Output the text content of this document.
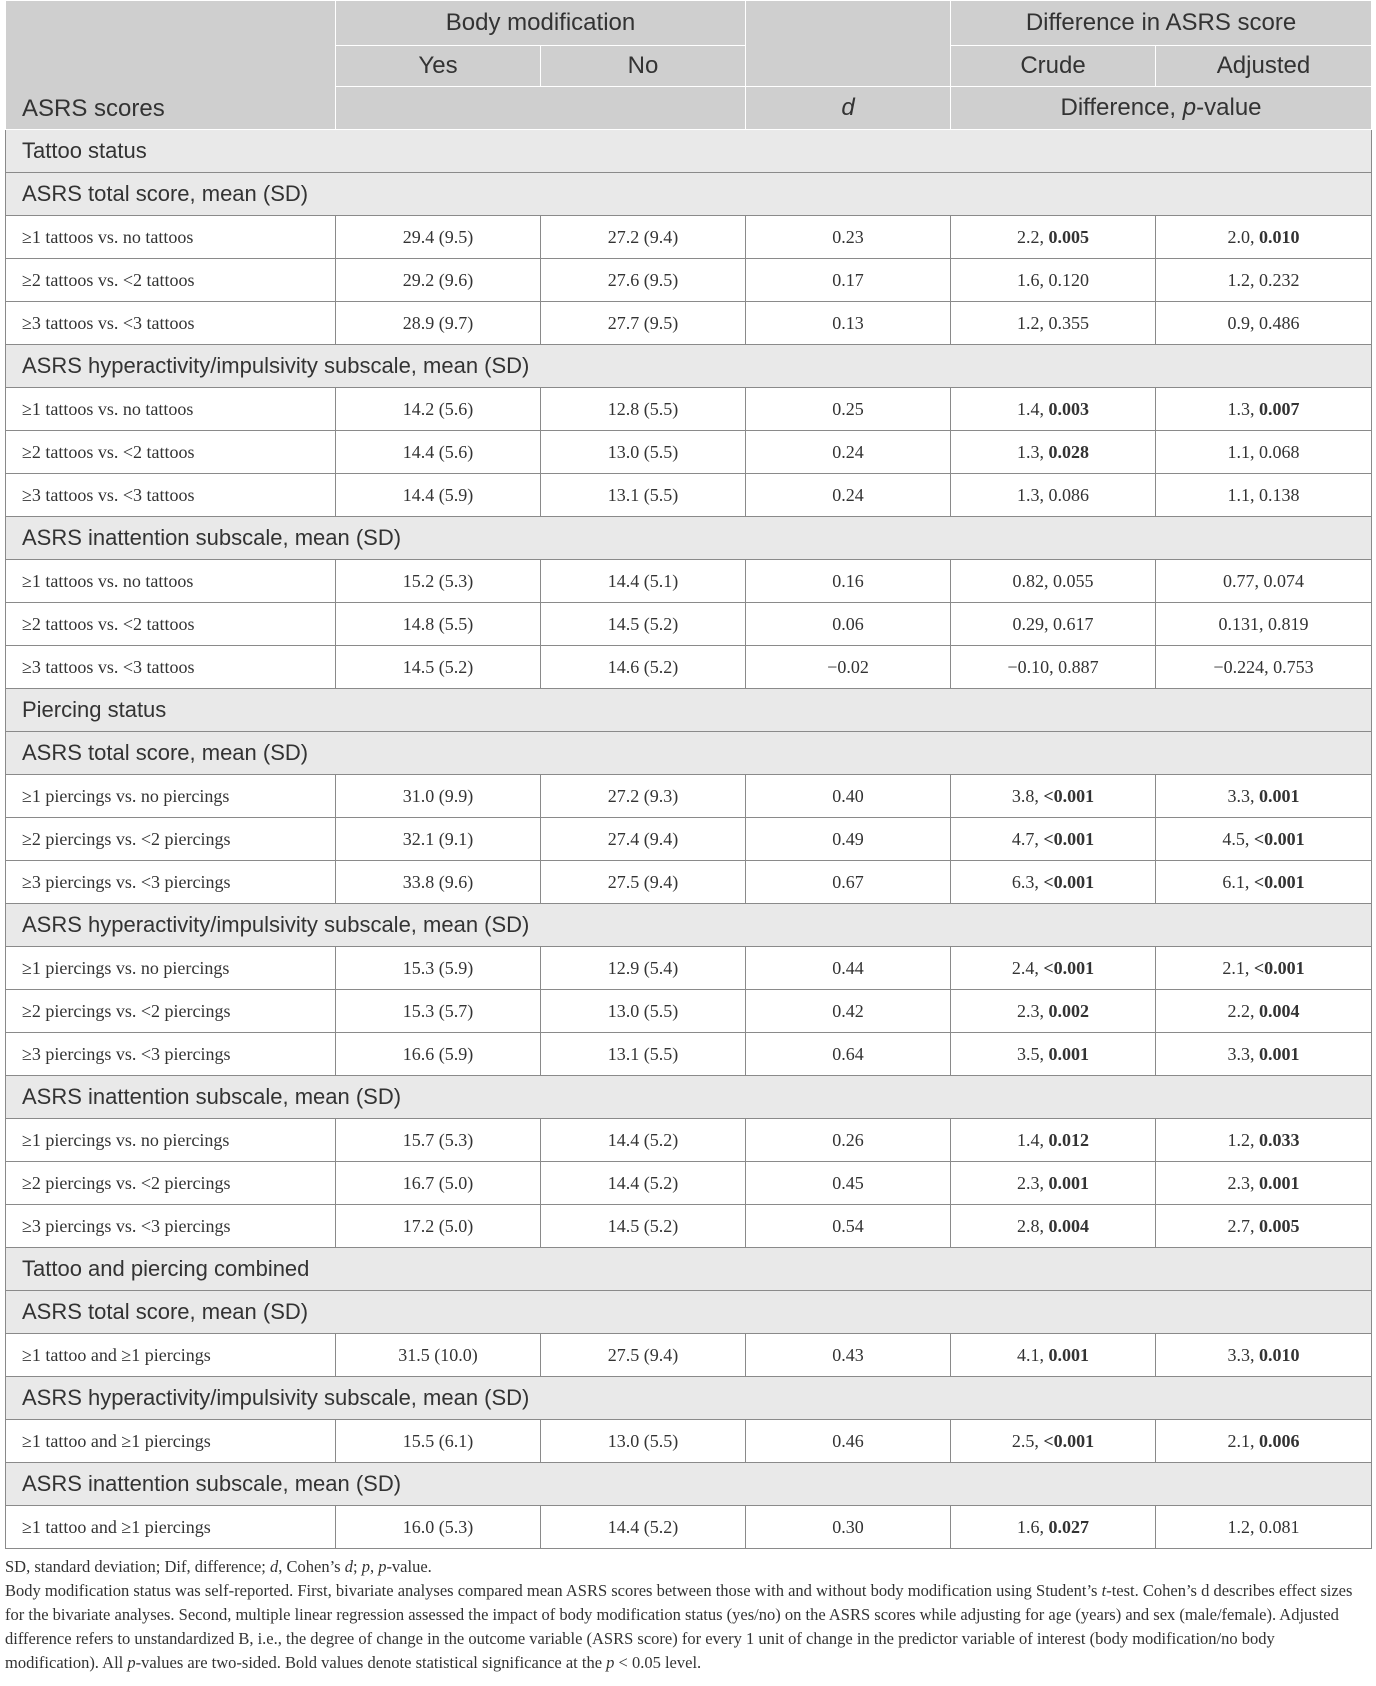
ASRS scores	Body modification			Difference in ASRS score	
	Yes	No		Crude	Adjusted
			d	Difference, p-value	
Tattoo status					
ASRS total score, mean (SD)					
≥1 tattoos vs. no tattoos	29.4 (9.5)	27.2 (9.4)	0.23	2.2, 0.005	2.0, 0.010
≥2 tattoos vs. <2 tattoos	29.2 (9.6)	27.6 (9.5)	0.17	1.6, 0.120	1.2, 0.232
≥3 tattoos vs. <3 tattoos	28.9 (9.7)	27.7 (9.5)	0.13	1.2, 0.355	0.9, 0.486
ASRS hyperactivity/impulsivity subscale, mean (SD)					
≥1 tattoos vs. no tattoos	14.2 (5.6)	12.8 (5.5)	0.25	1.4, 0.003	1.3, 0.007
≥2 tattoos vs. <2 tattoos	14.4 (5.6)	13.0 (5.5)	0.24	1.3, 0.028	1.1, 0.068
≥3 tattoos vs. <3 tattoos	14.4 (5.9)	13.1 (5.5)	0.24	1.3, 0.086	1.1, 0.138
ASRS inattention subscale, mean (SD)					
≥1 tattoos vs. no tattoos	15.2 (5.3)	14.4 (5.1)	0.16	0.82, 0.055	0.77, 0.074
≥2 tattoos vs. <2 tattoos	14.8 (5.5)	14.5 (5.2)	0.06	0.29, 0.617	0.131, 0.819
≥3 tattoos vs. <3 tattoos	14.5 (5.2)	14.6 (5.2)	−0.02	−0.10, 0.887	−0.224, 0.753
Piercing status					
ASRS total score, mean (SD)					
≥1 piercings vs. no piercings	31.0 (9.9)	27.2 (9.3)	0.40	3.8, <0.001	3.3, 0.001
≥2 piercings vs. <2 piercings	32.1 (9.1)	27.4 (9.4)	0.49	4.7, <0.001	4.5, <0.001
≥3 piercings vs. <3 piercings	33.8 (9.6)	27.5 (9.4)	0.67	6.3, <0.001	6.1, <0.001
ASRS hyperactivity/impulsivity subscale, mean (SD)					
≥1 piercings vs. no piercings	15.3 (5.9)	12.9 (5.4)	0.44	2.4, <0.001	2.1, <0.001
≥2 piercings vs. <2 piercings	15.3 (5.7)	13.0 (5.5)	0.42	2.3, 0.002	2.2, 0.004
≥3 piercings vs. <3 piercings	16.6 (5.9)	13.1 (5.5)	0.64	3.5, 0.001	3.3, 0.001
ASRS inattention subscale, mean (SD)					
≥1 piercings vs. no piercings	15.7 (5.3)	14.4 (5.2)	0.26	1.4, 0.012	1.2, 0.033
≥2 piercings vs. <2 piercings	16.7 (5.0)	14.4 (5.2)	0.45	2.3, 0.001	2.3, 0.001
≥3 piercings vs. <3 piercings	17.2 (5.0)	14.5 (5.2)	0.54	2.8, 0.004	2.7, 0.005
Tattoo and piercing combined					
ASRS total score, mean (SD)					
≥1 tattoo and ≥1 piercings	31.5 (10.0)	27.5 (9.4)	0.43	4.1, 0.001	3.3, 0.010
ASRS hyperactivity/impulsivity subscale, mean (SD)					
≥1 tattoo and ≥1 piercings	15.5 (6.1)	13.0 (5.5)	0.46	2.5, <0.001	2.1, 0.006
ASRS inattention subscale, mean (SD)					
≥1 tattoo and ≥1 piercings	16.0 (5.3)	14.4 (5.2)	0.30	1.6, 0.027	1.2, 0.081

SD, standard deviation; Dif, difference; d, Cohen’s d; p, p-value.

Body modification status was self-reported. First, bivariate analyses compared mean ASRS scores between those with and without body modification using Student’s t-test. Cohen’s d describes effect sizes for the bivariate analyses. Second, multiple linear regression assessed the impact of body modification status (yes/no) on the ASRS scores while adjusting for age (years) and sex (male/female). Adjusted difference refers to unstandardized B, i.e., the degree of change in the outcome variable (ASRS score) for every 1 unit of change in the predictor variable of interest (body modification/no body modification). All p-values are two-sided. Bold values denote statistical significance at the p < 0.05 level.
